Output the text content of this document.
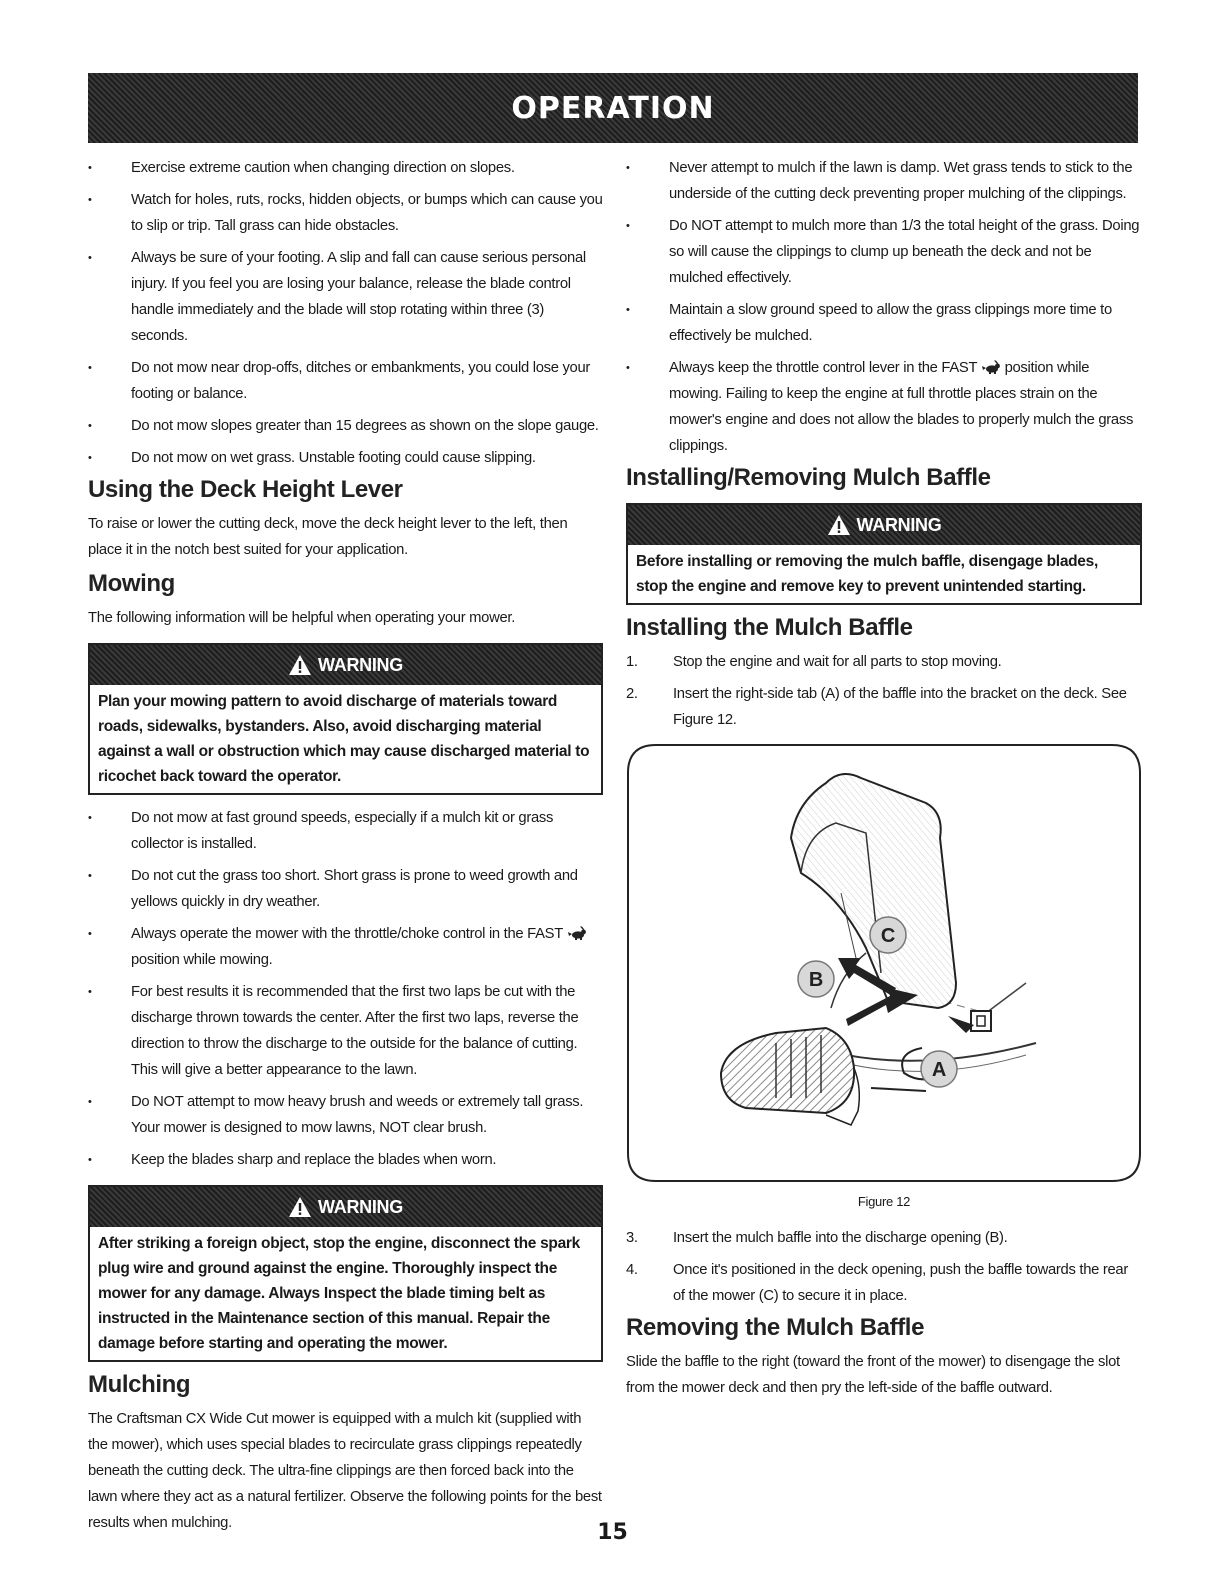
OPERATION
• Exercise extreme caution when changing direction on slopes.
• Watch for holes, ruts, rocks, hidden objects, or bumps which can cause you to slip or trip. Tall grass can hide obstacles.
• Always be sure of your footing. A slip and fall can cause serious personal injury. If you feel you are losing your balance, release the blade control handle immediately and the blade will stop rotating within three (3) seconds.
• Do not mow near drop-offs, ditches or embankments, you could lose your footing or balance.
• Do not mow slopes greater than 15 degrees as shown on the slope gauge.
• Do not mow on wet grass. Unstable footing could cause slipping.
Using the Deck Height Lever

To raise or lower the cutting deck, move the deck height lever to the left, then place it in the notch best suited for your application.

Mowing

The following information will be helpful when operating your mower.

WARNING
Plan your mowing pattern to avoid discharge of materials toward roads, sidewalks, bystanders. Also, avoid discharging material against a wall or obstruction which may cause discharged material to ricochet back toward the operator.
• Do not mow at fast ground speeds, especially if a mulch kit or grass collector is installed.
• Do not cut the grass too short. Short grass is prone to weed growth and yellows quickly in dry weather.
• Always operate the mower with the throttle/choke control in the FAST  position while mowing.
• For best results it is recommended that the first two laps be cut with the discharge thrown towards the center. After the first two laps, reverse the direction to throw the discharge to the outside for the balance of cutting. This will give a better appearance to the lawn.
• Do NOT attempt to mow heavy brush and weeds or extremely tall grass. Your mower is designed to mow lawns, NOT clear brush.
• Keep the blades sharp and replace the blades when worn.
WARNING
After striking a foreign object, stop the engine, disconnect the spark plug wire and ground against the engine. Thoroughly inspect the mower for any damage. Always Inspect the blade timing belt as instructed in the Maintenance section of this manual. Repair the damage before starting and operating the mower.
Mulching

The Craftsman CX Wide Cut mower is equipped with a mulch kit (supplied with the mower), which uses special blades to recirculate grass clippings repeatedly beneath the cutting deck. The ultra-fine clippings are then forced back into the lawn where they act as a natural fertilizer. Observe the following points for the best results when mulching.

• Never attempt to mulch if the lawn is damp. Wet grass tends to stick to the underside of the cutting deck preventing proper mulching of the clippings.
• Do NOT attempt to mulch more than 1/3 the total height of the grass. Doing so will cause the clippings to clump up beneath the deck and not be mulched effectively.
• Maintain a slow ground speed to allow the grass clippings more time to effectively be mulched.
• Always keep the throttle control lever in the FAST position while mowing. Failing to keep the engine at full throttle places strain on the mower's engine and does not allow the blades to properly mulch the grass clippings.
Installing/Removing Mulch Baffle
WARNING
Before installing or removing the mulch baffle, disengage blades, stop the engine and remove key to prevent unintended starting.
Installing the Mulch Baffle
1. Stop the engine and wait for all parts to stop moving.
2. Insert the right-side tab (A) of the baffle into the bracket on the deck. See Figure 12.
C
B
A
Figure 12
3. Insert the mulch baffle into the discharge opening (B).
4. Once it's positioned in the deck opening, push the baffle towards the rear of the mower (C) to secure it in place.
Removing the Mulch Baffle

Slide the baffle to the right (toward the front of the mower) to disengage the slot from the mower deck and then pry the left-side of the baffle outward.

15
